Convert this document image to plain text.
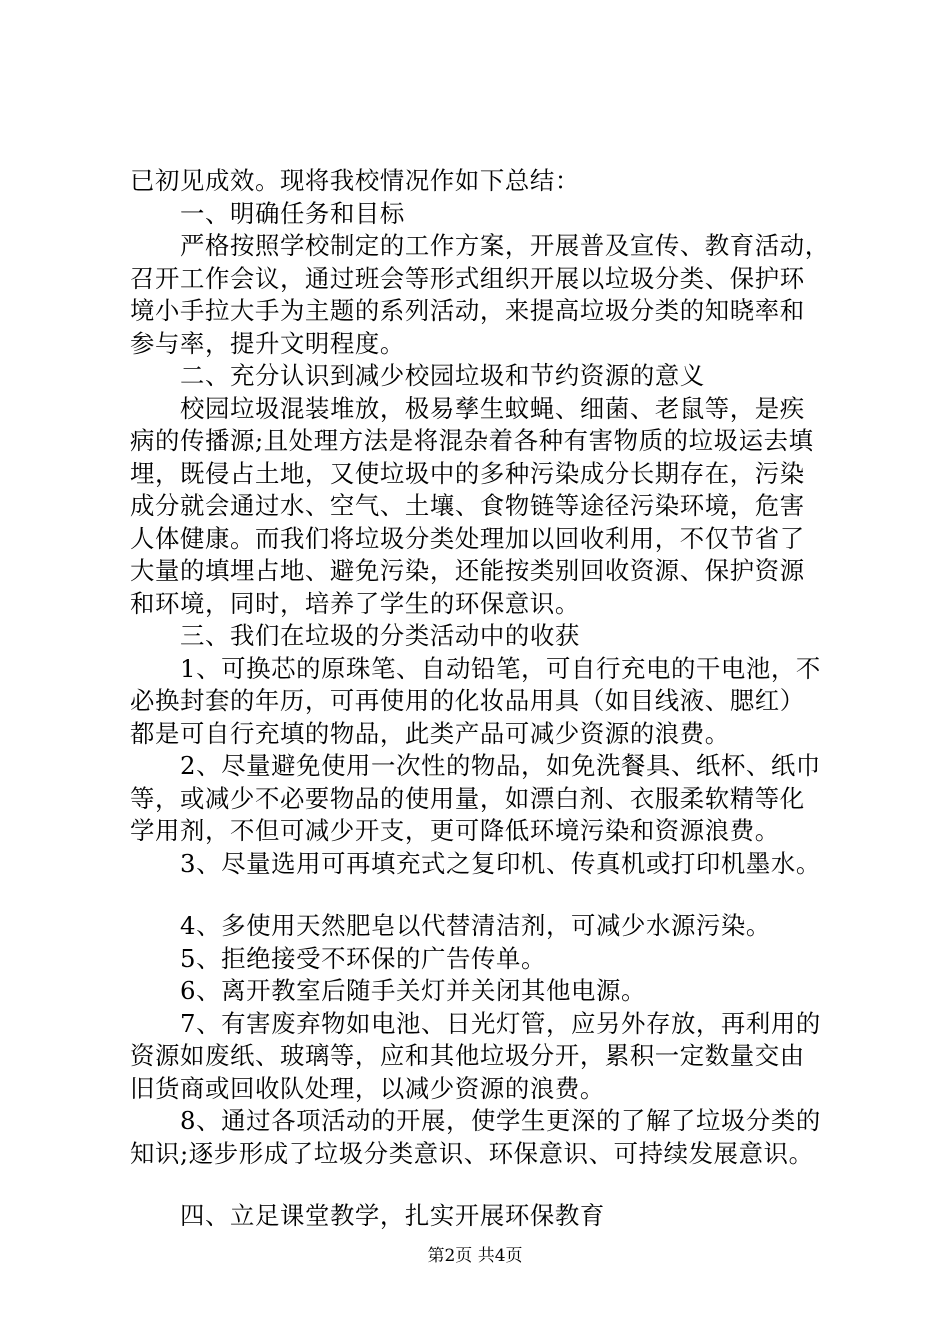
已初见成效。现将我校情况作如下总结：
一、明确任务和目标
严格按照学校制定的工作方案，开展普及宣传、教育活动，
召开工作会议，通过班会等形式组织开展以垃圾分类、保护环
境小手拉大手为主题的系列活动，来提高垃圾分类的知晓率和
参与率，提升文明程度。
二、充分认识到减少校园垃圾和节约资源的意义
校园垃圾混装堆放，极易孳生蚊蝇、细菌、老鼠等，是疾
病的传播源;且处理方法是将混杂着各种有害物质的垃圾运去填
埋，既侵占土地，又使垃圾中的多种污染成分长期存在，污染
成分就会通过水、空气、土壤、食物链等途径污染环境，危害
人体健康。而我们将垃圾分类处理加以回收利用，不仅节省了
大量的填埋占地、避免污染，还能按类别回收资源、保护资源
和环境，同时，培养了学生的环保意识。
三、我们在垃圾的分类活动中的收获
1、可换芯的原珠笔、自动铅笔，可自行充电的干电池，不
必换封套的年历，可再使用的化妆品用具（如目线液、腮红）
都是可自行充填的物品，此类产品可减少资源的浪费。
2、尽量避免使用一次性的物品，如免洗餐具、纸杯、纸巾
等，或减少不必要物品的使用量，如漂白剂、衣服柔软精等化
学用剂，不但可减少开支，更可降低环境污染和资源浪费。
3、尽量选用可再填充式之复印机、传真机或打印机墨水。
4、多使用天然肥皂以代替清洁剂，可减少水源污染。
5、拒绝接受不环保的广告传单。
6、离开教室后随手关灯并关闭其他电源。
7、有害废弃物如电池、日光灯管，应另外存放，再利用的
资源如废纸、玻璃等，应和其他垃圾分开，累积一定数量交由
旧货商或回收队处理，以减少资源的浪费。
8、通过各项活动的开展，使学生更深的了解了垃圾分类的
知识;逐步形成了垃圾分类意识、环保意识、可持续发展意识。
四、立足课堂教学，扎实开展环保教育
第2页 共4页
